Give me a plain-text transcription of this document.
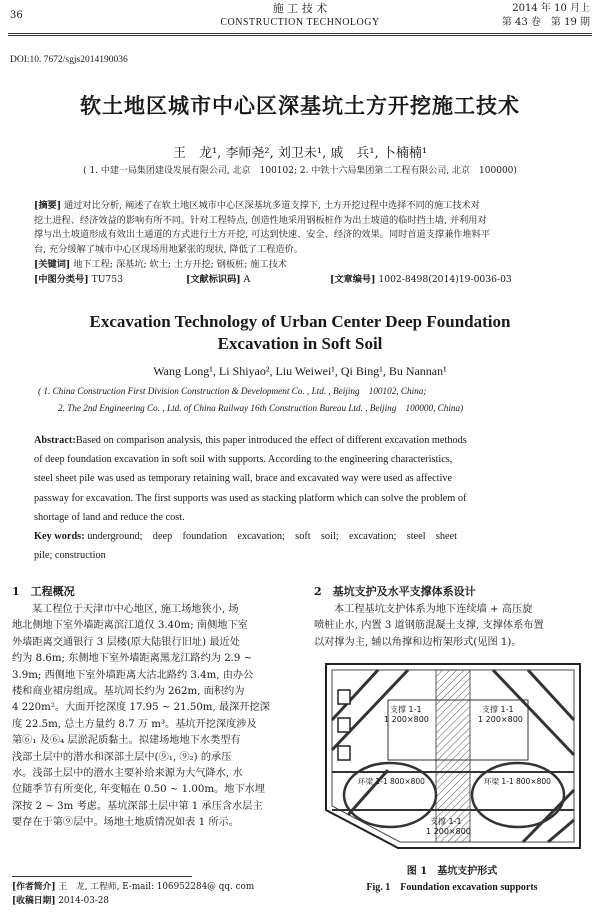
36
施 工 技 术
CONSTRUCTION TECHNOLOGY
2014 年 10 月上
第 43 卷　第 19 期
DOI:10. 7672/sgjs2014190036
软土地区城市中心区深基坑土方开挖施工技术
王　龙¹, 李师尧², 刘卫未¹, 戚　兵¹, 卜楠楠¹
( 1. 中建一局集团建设发展有限公司, 北京　100102; 2. 中铁十六局集团第二工程有限公司, 北京　100000)
[摘要] 通过对比分析, 阐述了在软土地区城市中心区深基坑多道支撑下, 土方开挖过程中选择不同的施工技术对
挖土进程、经济效益的影响有所不同。针对工程特点, 创造性地采用钢板桩作为出土坡道的临时挡土墙, 并利用对
撑与出土坡道形成有效出土通道的方式进行土方开挖, 可达到快速、安全、经济的效果。同时首道支撑兼作堆料平
台, 充分缓解了城市中心区现场用地紧张的现状, 降低了工程造价。
[关键词] 地下工程; 深基坑; 软土; 土方开挖; 钢板桩; 施工技术
[中图分类号] TU753	[文献标识码] A	[文章编号] 1002-8498(2014)19-0036-03
Excavation Technology of Urban Center Deep Foundation
Excavation in Soft Soil
Wang Long¹, Li Shiyao², Liu Weiwei¹, Qi Bing¹, Bu Nannan¹
( 1. China Construction First Division Construction & Development Co. , Ltd. , Beijing　100102, China;
2. The 2nd Engineering Co. , Ltd. of China Railway 16th Construction Bureau Ltd. , Beijing　100000, China)
Abstract:Based on comparison analysis, this paper introduced the effect of different excavation methods
of deep foundation excavation in soft soil with supports. According to the engineering characteristics,
steel sheet pile was used as temporary retaining wall, brace and excavated way were used as affective
passway for excavation. The first supports was used as stacking platform which can solve the problem of
shortage of land and reduce the cost.
Key words: underground;　deep　foundation　excavation;　soft　soil;　excavation;　steel　sheet
pile; construction
1　工程概况
某工程位于天津市中心地区, 施工场地狭小, 场
地北侧地下室外墙距离滨江道仅 3.40m; 南侧地下室
外墙距离交通银行 3 层楼(原大陆银行旧址) 最近处
约为 8.6m; 东侧地下室外墙距离黑龙江路约为 2.9 ~
3.9m; 西侧地下室外墙距离大沽北路约 3.4m, 由办公
楼和商业裙房组成。基坑周长约为 262m, 面积约为
4 220m²。大面开挖深度 17.95 ~ 21.50m, 最深开挖深
度 22.5m, 总土方量约 8.7 万 m³。基坑开挖深度涉及
第⑥₁ 及⑥₄ 层淤泥质黏土。拟建场地地下水类型有
浅部土层中的潜水和深部土层中(⑨₁, ⑨₂) 的承压
水。浅部土层中的潜水主要补给来源为大气降水, 水
位随季节有所变化, 年变幅在 0.50 ~ 1.00m。地下水埋
深按 2 ~ 3m 考虑。基坑深部土层中第 1 承压含水层主
要存在于第⑨层中。场地土地质情况如表 1 所示。
2　基坑支护及水平支撑体系设计
本工程基坑支护体系为地下连续墙 + 高压旋
喷桩止水, 内置 3 道钢筋混凝土支撑, 支撑体系布置
以对撑为主, 辅以角撑和边桁架形式(见图 1)。
支撑 1-1
1 200×800
支撑 1-1
1 200×800
环梁 1-1 800×800	环梁 1-1 800×800
支撑 1-1
1 200×800
图 1　基坑支护形式
Fig. 1　Foundation excavation supports
[作者简介] 王　龙, 工程师, E-mail: 106952284@ qq. com
[收稿日期] 2014-03-28
